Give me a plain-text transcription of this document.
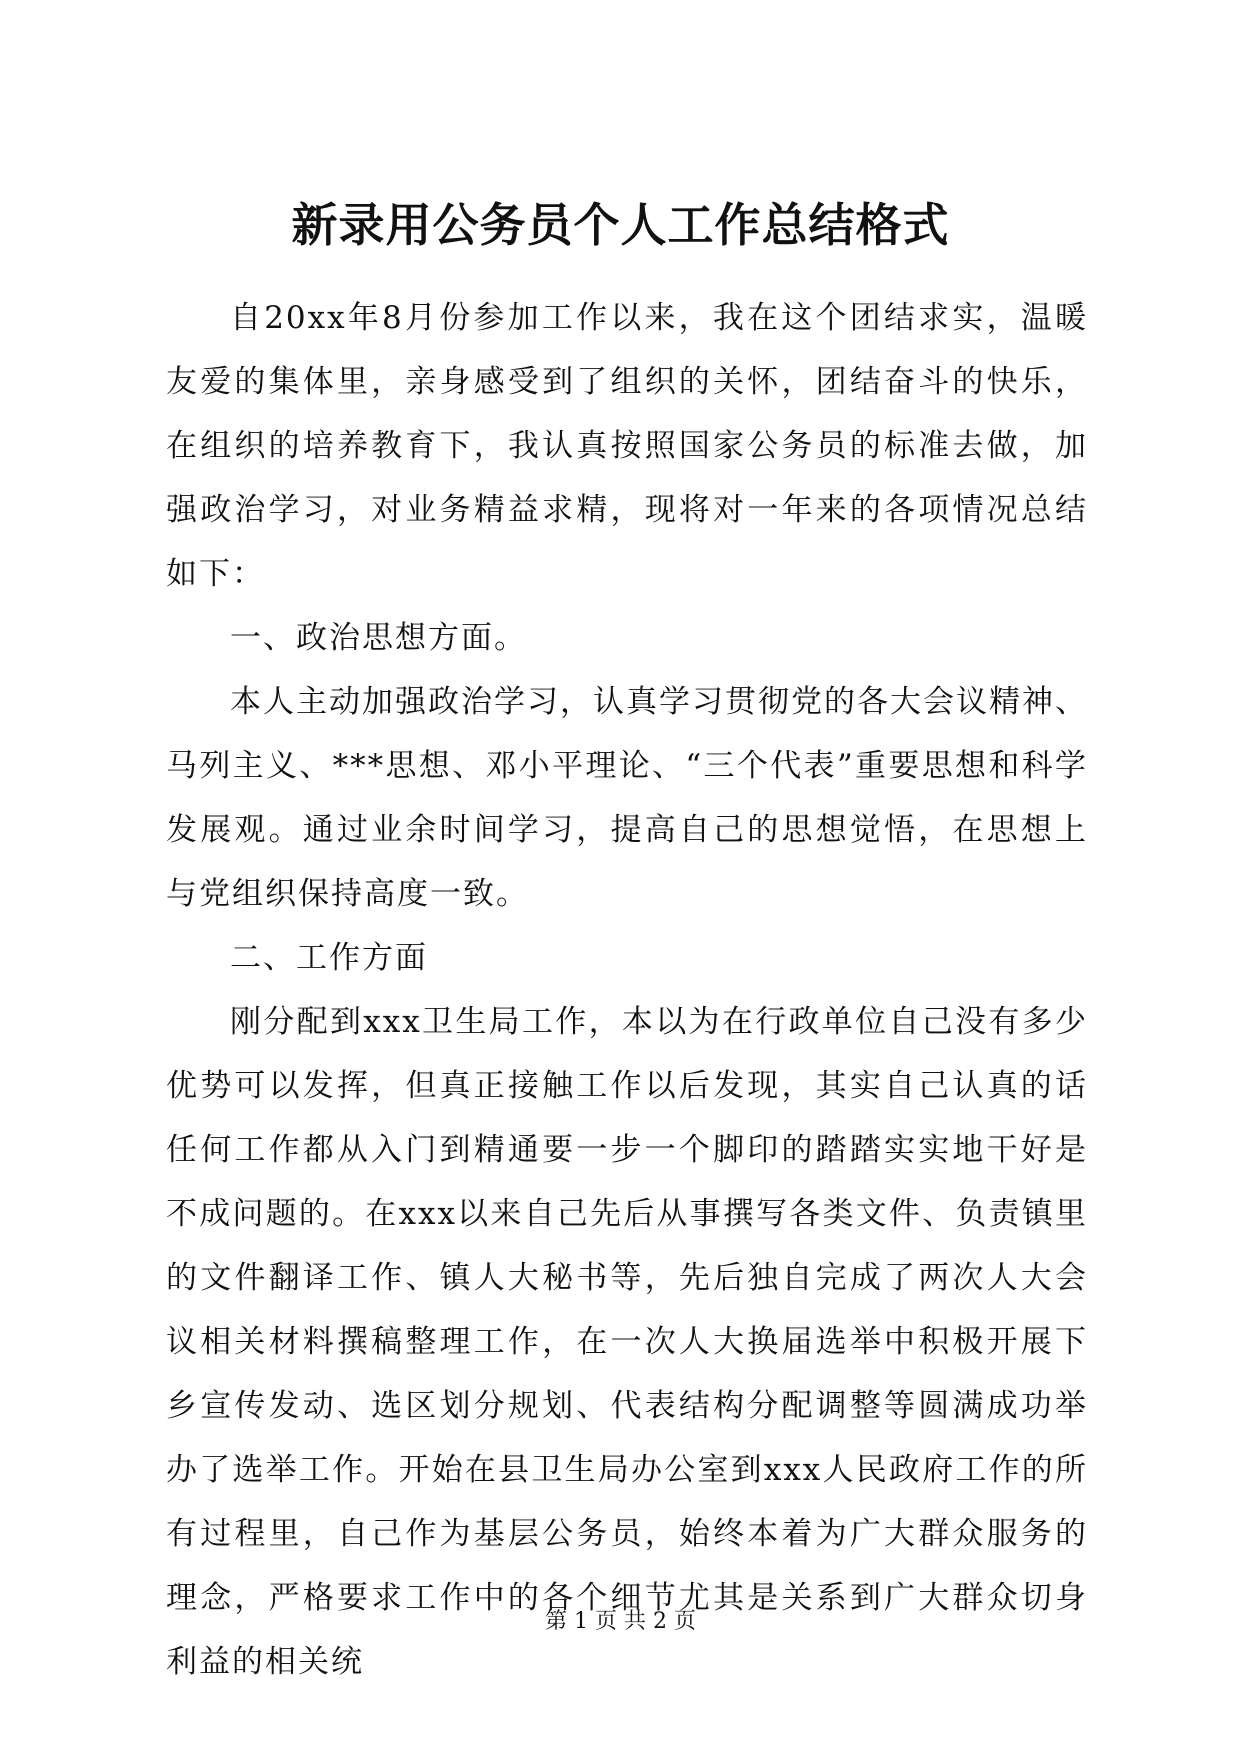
新录用公务员个人工作总结格式

自20xx年8月份参加工作以来，我在这个团结求实，温暖友爱的集体里，亲身感受到了组织的关怀，团结奋斗的快乐，在组织的培养教育下，我认真按照国家公务员的标准去做，加强政治学习，对业务精益求精，现将对一年来的各项情况总结如下：

一、政治思想方面。

本人主动加强政治学习，认真学习贯彻党的各大会议精神、马列主义、***思想、邓小平理论、“三个代表”重要思想和科学发展观。通过业余时间学习，提高自己的思想觉悟，在思想上与党组织保持高度一致。

二、工作方面

刚分配到xxx卫生局工作，本以为在行政单位自己没有多少优势可以发挥，但真正接触工作以后发现，其实自己认真的话任何工作都从入门到精通要一步一个脚印的踏踏实实地干好是不成问题的。在xxx以来自己先后从事撰写各类文件、负责镇里的文件翻译工作、镇人大秘书等，先后独自完成了两次人大会议相关材料撰稿整理工作，在一次人大换届选举中积极开展下乡宣传发动、选区划分规划、代表结构分配调整等圆满成功举办了选举工作。开始在县卫生局办公室到xxx人民政府工作的所有过程里，自己作为基层公务员，始终本着为广大群众服务的理念，严格要求工作中的各个细节尤其是关系到广大群众切身利益的相关统

第 1 页 共 2 页
